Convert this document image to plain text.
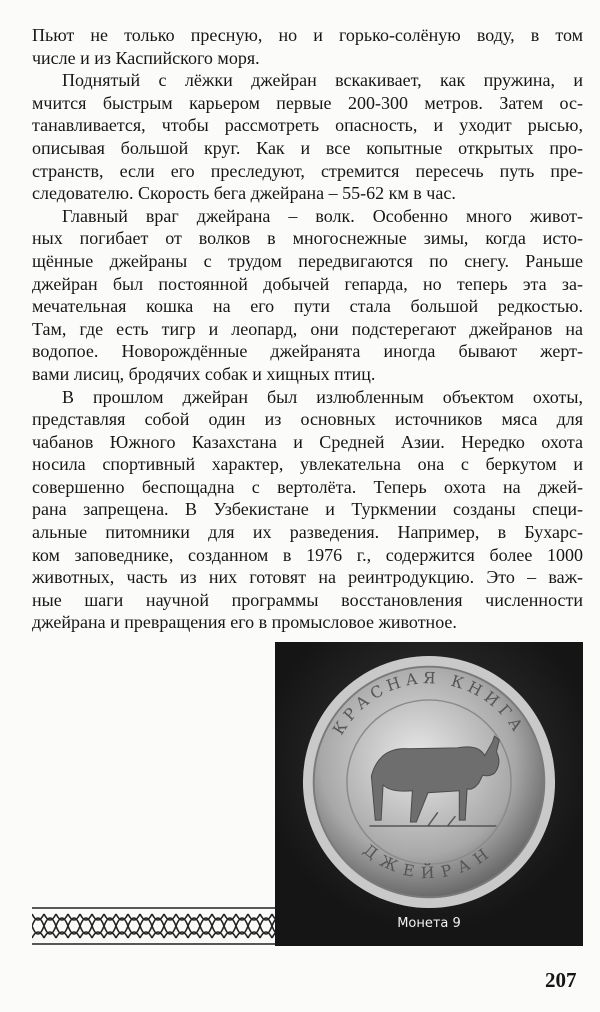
Пьют не только пресную, но и горько-солёную воду, в том
числе и из Каспийского моря.
Поднятый с лёжки джейран вскакивает, как пружина, и
мчится быстрым карьером первые 200-300 метров. Затем ос-
танавливается, чтобы рассмотреть опасность, и уходит рысью,
описывая большой круг. Как и все копытные открытых про-
странств, если его преследуют, стремится пересечь путь пре-
следователю. Скорость бега джейрана – 55-62 км в час.
Главный враг джейрана – волк. Особенно много живот-
ных погибает от волков в многоснежные зимы, когда исто-
щённые джейраны с трудом передвигаются по снегу. Раньше
джейран был постоянной добычей гепарда, но теперь эта за-
мечательная кошка на его пути стала большой редкостью.
Там, где есть тигр и леопард, они подстерегают джейранов на
водопое. Новорождённые джейранята иногда бывают жерт-
вами лисиц, бродячих собак и хищных птиц.
В прошлом джейран был излюбленным объектом охоты,
представляя собой один из основных источников мяса для
чабанов Южного Казахстана и Средней Азии. Нередко охота
носила спортивный характер, увлекательна она с беркутом и
совершенно беспощадна с вертолёта. Теперь охота на джей-
рана запрещена. В Узбекистане и Туркмении созданы специ-
альные питомники для их разведения. Например, в Бухарс-
ком заповеднике, созданном в 1976 г., содержится более 1000
животных, часть из них готовят на реинтродукцию. Это – важ-
ные шаги научной программы восстановления численности
джейрана и превращения его в промысловое животное.
КРАСНАЯ КНИГА
ДЖЕЙРАН
Монета 9
207
